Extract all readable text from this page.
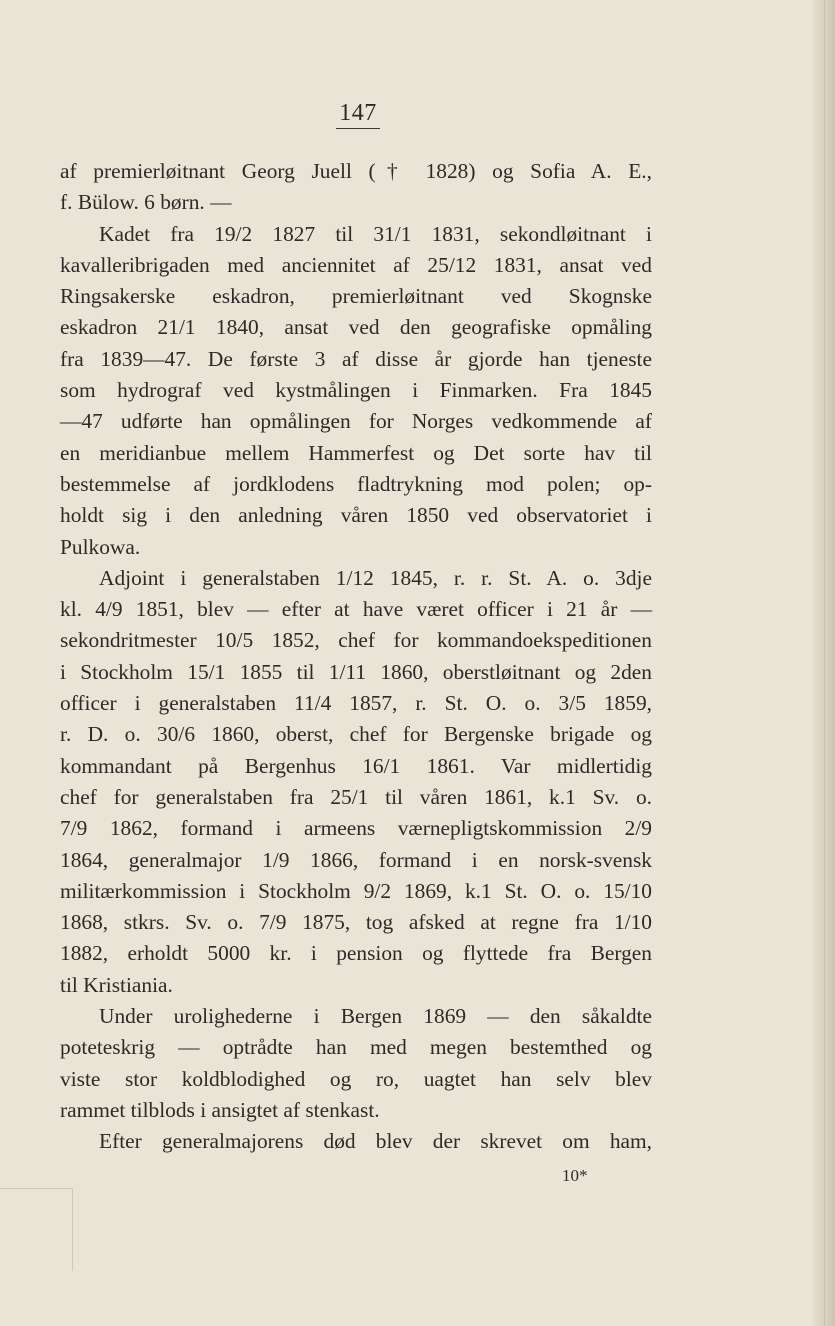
147
af premierløitnant Georg Juell († 1828) og Sofia A. E.,
f. Bülow. 6 børn. —
Kadet fra 19/2 1827 til 31/1 1831, sekondløitnant i
kavalleribrigaden med anciennitet af 25/12 1831, ansat ved
Ringsakerske eskadron, premierløitnant ved Skognske
eskadron 21/1 1840, ansat ved den geografiske opmåling
fra 1839—47. De første 3 af disse år gjorde han tjeneste
som hydrograf ved kystmålingen i Finmarken. Fra 1845
—47 udførte han opmålingen for Norges vedkommende af
en meridianbue mellem Hammerfest og Det sorte hav til
bestemmelse af jordklodens fladtrykning mod polen; op-
holdt sig i den anledning våren 1850 ved observatoriet i
Pulkowa.
Adjoint i generalstaben 1/12 1845, r. r. St. A. o. 3dje
kl. 4/9 1851, blev — efter at have været officer i 21 år —
sekondritmester 10/5 1852, chef for kommandoekspeditionen
i Stockholm 15/1 1855 til 1/11 1860, oberstløitnant og 2den
officer i generalstaben 11/4 1857, r. St. O. o. 3/5 1859,
r. D. o. 30/6 1860, oberst, chef for Bergenske brigade og
kommandant på Bergenhus 16/1 1861. Var midlertidig
chef for generalstaben fra 25/1 til våren 1861, k.1 Sv. o.
7/9 1862, formand i armeens værnepligtskommission 2/9
1864, generalmajor 1/9 1866, formand i en norsk-svensk
militærkommission i Stockholm 9/2 1869, k.1 St. O. o. 15/10
1868, stkrs. Sv. o. 7/9 1875, tog afsked at regne fra 1/10
1882, erholdt 5000 kr. i pension og flyttede fra Bergen
til Kristiania.
Under urolighederne i Bergen 1869 — den såkaldte
poteteskrig — optrådte han med megen bestemthed og
viste stor koldblodighed og ro, uagtet han selv blev
rammet tilblods i ansigtet af stenkast.
Efter generalmajorens død blev der skrevet om ham,
10*
